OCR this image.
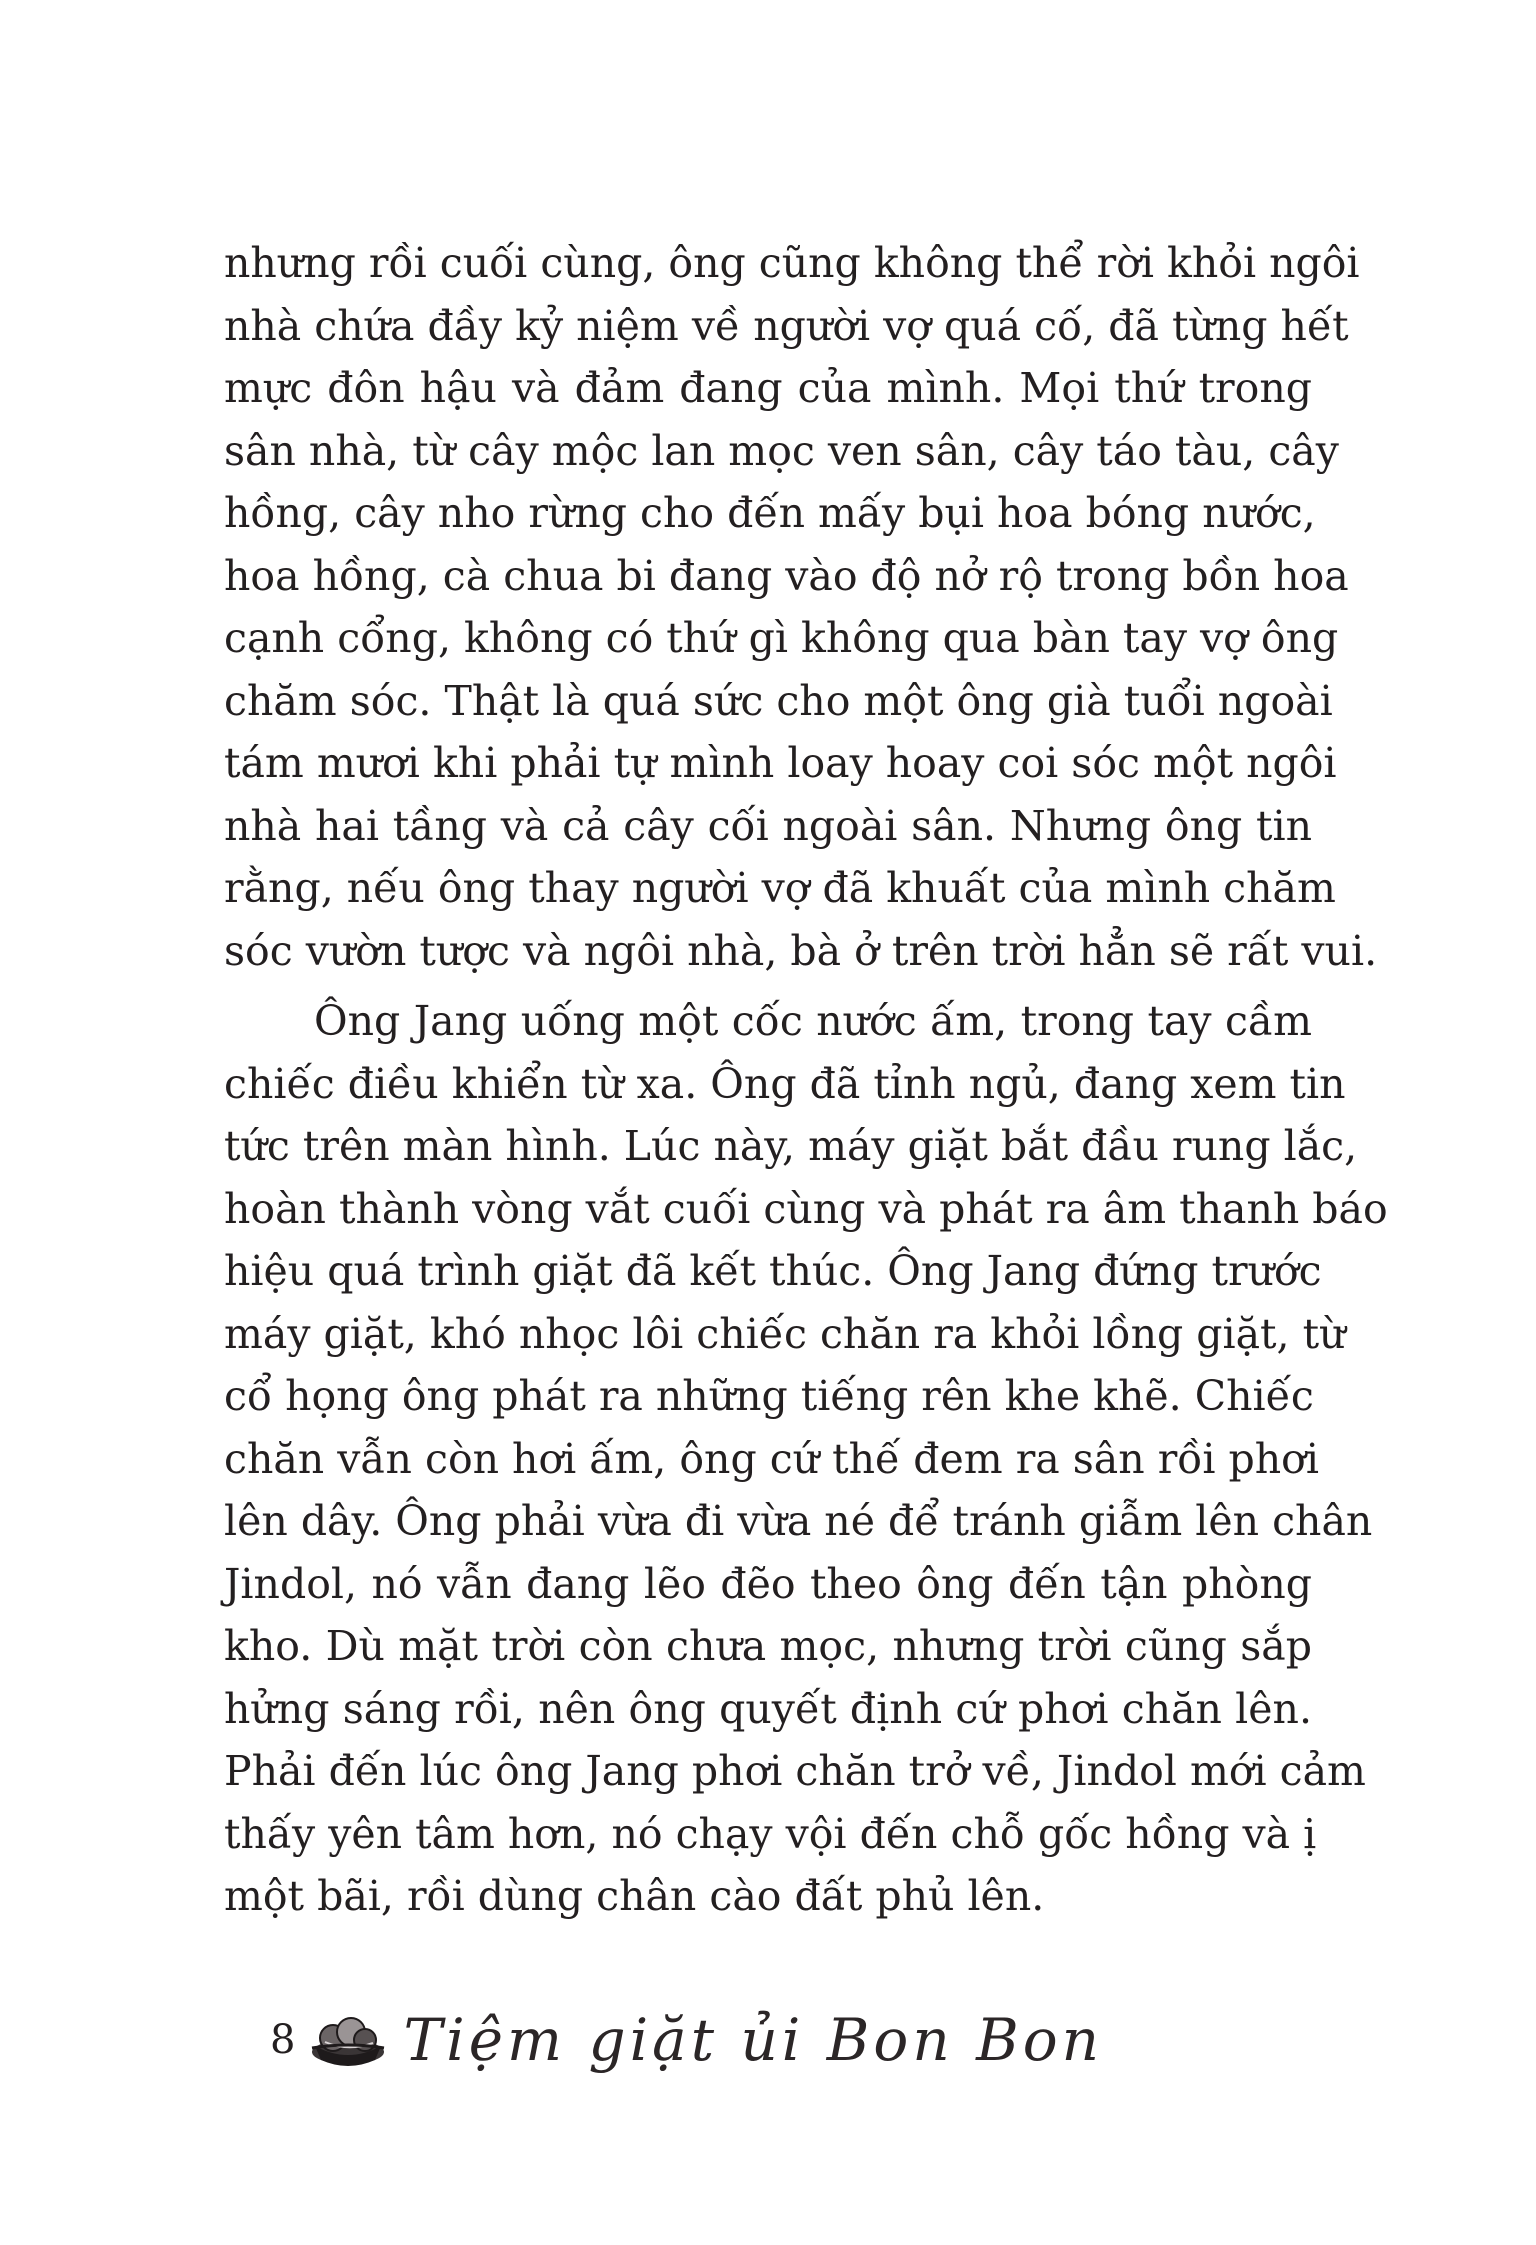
nhưng rồi cuối cùng, ông cũng không thể rời khỏi ngôi
nhà chứa đầy kỷ niệm về người vợ quá cố, đã từng hết
mực đôn hậu và đảm đang của mình. Mọi thứ trong
sân nhà, từ cây mộc lan mọc ven sân, cây táo tàu, cây
hồng, cây nho rừng cho đến mấy bụi hoa bóng nước,
hoa hồng, cà chua bi đang vào độ nở rộ trong bồn hoa
cạnh cổng, không có thứ gì không qua bàn tay vợ ông
chăm sóc. Thật là quá sức cho một ông già tuổi ngoài
tám mươi khi phải tự mình loay hoay coi sóc một ngôi
nhà hai tầng và cả cây cối ngoài sân. Nhưng ông tin
rằng, nếu ông thay người vợ đã khuất của mình chăm
sóc vườn tược và ngôi nhà, bà ở trên trời hẳn sẽ rất vui.
Ông Jang uống một cốc nước ấm, trong tay cầm
chiếc điều khiển từ xa. Ông đã tỉnh ngủ, đang xem tin
tức trên màn hình. Lúc này, máy giặt bắt đầu rung lắc,
hoàn thành vòng vắt cuối cùng và phát ra âm thanh báo
hiệu quá trình giặt đã kết thúc. Ông Jang đứng trước
máy giặt, khó nhọc lôi chiếc chăn ra khỏi lồng giặt, từ
cổ họng ông phát ra những tiếng rên khe khẽ. Chiếc
chăn vẫn còn hơi ấm, ông cứ thế đem ra sân rồi phơi
lên dây. Ông phải vừa đi vừa né để tránh giẫm lên chân
Jindol, nó vẫn đang lẽo đẽo theo ông đến tận phòng
kho. Dù mặt trời còn chưa mọc, nhưng trời cũng sắp
hửng sáng rồi, nên ông quyết định cứ phơi chăn lên.
Phải đến lúc ông Jang phơi chăn trở về, Jindol mới cảm
thấy yên tâm hơn, nó chạy vội đến chỗ gốc hồng và ị
một bãi, rồi dùng chân cào đất phủ lên.
8 Tiệm giặt ủi Bon Bon
